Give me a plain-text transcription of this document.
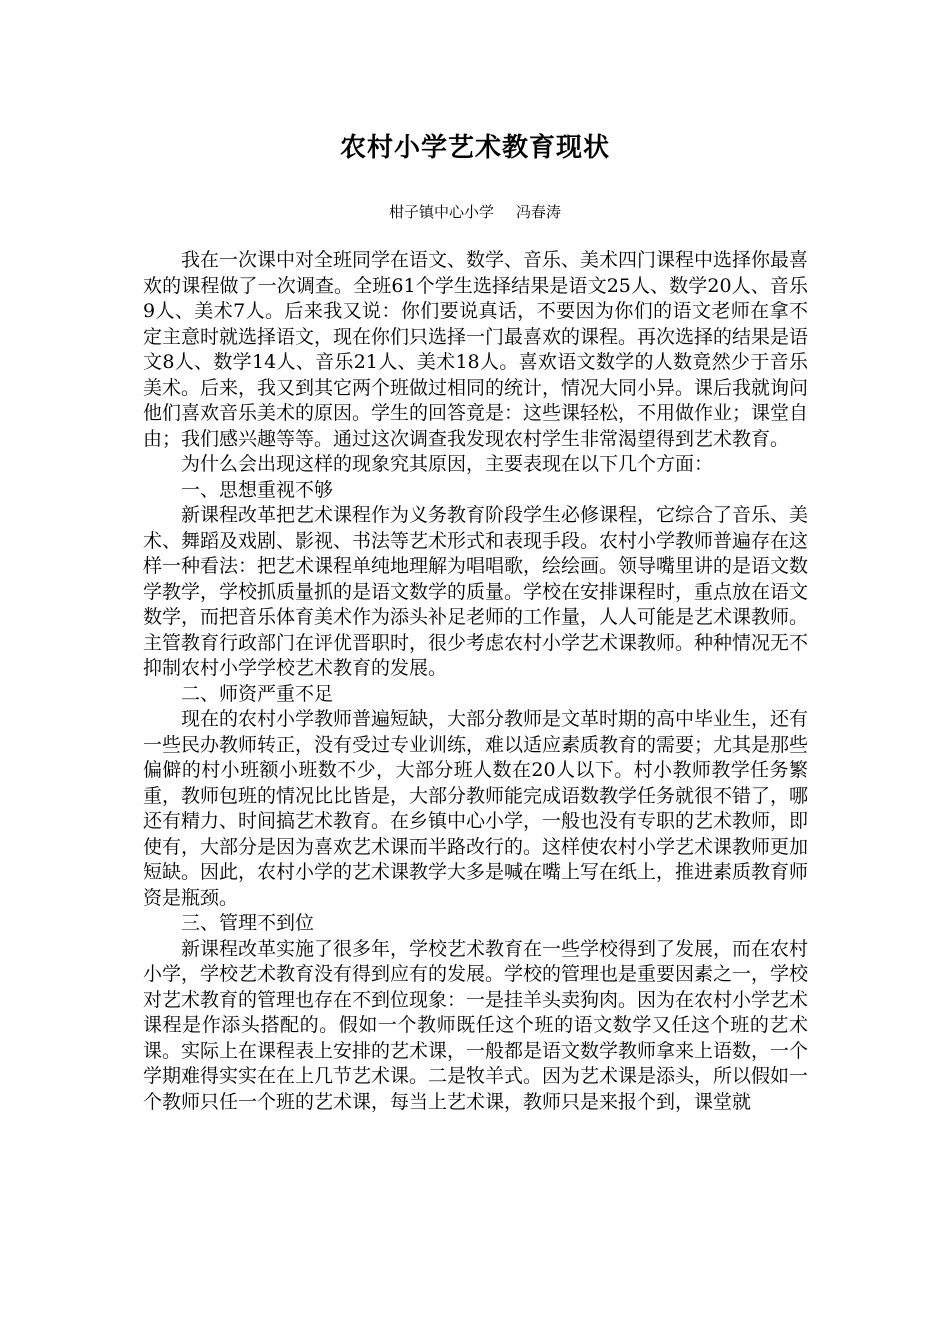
农村小学艺术教育现状
柑子镇中心小学 冯春涛

我在一次课中对全班同学在语文、数学、音乐、美术四门课程中选择你最喜欢的课程做了一次调查。全班61个学生选择结果是语文25人、数学20人、音乐9人、美术7人。后来我又说：你们要说真话，不要因为你们的语文老师在拿不定主意时就选择语文，现在你们只选择一门最喜欢的课程。再次选择的结果是语文8人、数学14人、音乐21人、美术18人。喜欢语文数学的人数竟然少于音乐美术。后来，我又到其它两个班做过相同的统计，情况大同小异。课后我就询问他们喜欢音乐美术的原因。学生的回答竟是：这些课轻松，不用做作业；课堂自由；我们感兴趣等等。通过这次调查我发现农村学生非常渴望得到艺术教育。

为什么会出现这样的现象究其原因，主要表现在以下几个方面：

一、思想重视不够

新课程改革把艺术课程作为义务教育阶段学生必修课程，它综合了音乐、美术、舞蹈及戏剧、影视、书法等艺术形式和表现手段。农村小学教师普遍存在这样一种看法：把艺术课程单纯地理解为唱唱歌，绘绘画。领导嘴里讲的是语文数学教学，学校抓质量抓的是语文数学的质量。学校在安排课程时，重点放在语文数学，而把音乐体育美术作为添头补足老师的工作量，人人可能是艺术课教师。主管教育行政部门在评优晋职时，很少考虑农村小学艺术课教师。种种情况无不抑制农村小学学校艺术教育的发展。

二、师资严重不足

现在的农村小学教师普遍短缺，大部分教师是文革时期的高中毕业生，还有一些民办教师转正，没有受过专业训练，难以适应素质教育的需要；尤其是那些偏僻的村小班额小班数不少，大部分班人数在20人以下。村小教师教学任务繁重，教师包班的情况比比皆是，大部分教师能完成语数教学任务就很不错了，哪还有精力、时间搞艺术教育。在乡镇中心小学，一般也没有专职的艺术教师，即使有，大部分是因为喜欢艺术课而半路改行的。这样使农村小学艺术课教师更加短缺。因此，农村小学的艺术课教学大多是喊在嘴上写在纸上，推进素质教育师资是瓶颈。

三、管理不到位

新课程改革实施了很多年，学校艺术教育在一些学校得到了发展，而在农村小学，学校艺术教育没有得到应有的发展。学校的管理也是重要因素之一，学校对艺术教育的管理也存在不到位现象：一是挂羊头卖狗肉。因为在农村小学艺术课程是作添头搭配的。假如一个教师既任这个班的语文数学又任这个班的艺术课。实际上在课程表上安排的艺术课，一般都是语文数学教师拿来上语数，一个学期难得实实在在上几节艺术课。二是牧羊式。因为艺术课是添头，所以假如一个教师只任一个班的艺术课，每当上艺术课，教师只是来报个到，课堂就
